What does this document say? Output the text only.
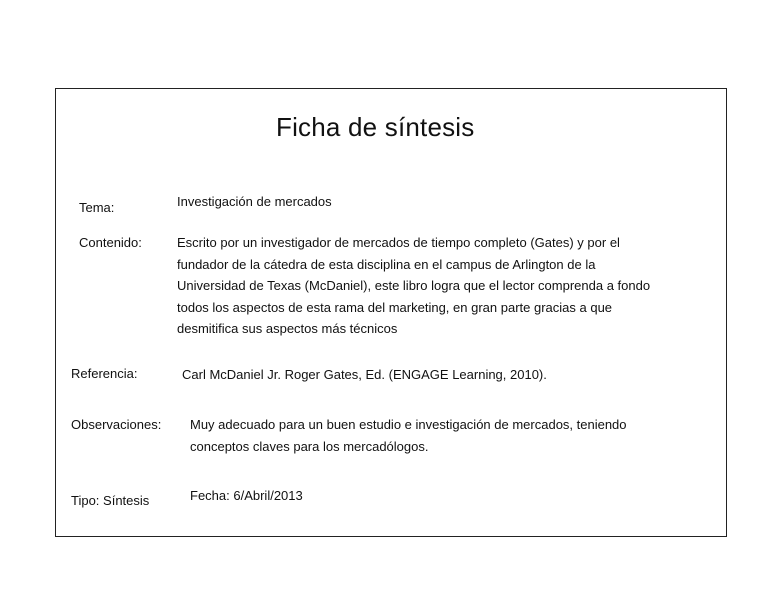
Ficha de síntesis
Tema:	Investigación de mercados
Contenido:	Escrito por un investigador de mercados de tiempo completo (Gates) y por el
fundador de la cátedra de esta disciplina en el campus de Arlington de la
Universidad de Texas (McDaniel), este libro logra que el lector comprenda a fondo
todos los aspectos de esta rama del marketing, en gran parte gracias a que
desmitifica sus aspectos más técnicos
Referencia:	Carl McDaniel Jr. Roger Gates, Ed. (ENGAGE Learning, 2010).
Observaciones: Muy adecuado para un buen estudio e investigación de mercados, teniendo
conceptos claves para los mercadólogos.
Tipo: Síntesis	Fecha: 6/Abril/2013
